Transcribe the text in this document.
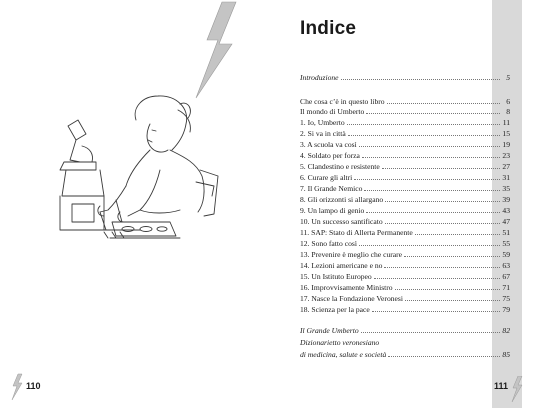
110
Indice
Introduzione	5
Che cosa c’è in questo libro	6
Il mondo di Umberto	8
1. Io, Umberto	11
2. Si va in città	15
3. A scuola va così	19
4. Soldato per forza	23
5. Clandestino e resistente	27
6. Curare gli altri	31
7. Il Grande Nemico	35
8. Gli orizzonti si allargano	39
9. Un lampo di genio	43
10. Un successo santificato	47
11. SAP: Stato di Allerta Permanente	51
12. Sono fatto così	55
13. Prevenire è meglio che curare	59
14. Lezioni americane e no	63
15. Un Istituto Europeo	67
16. Improvvisamente Ministro	71
17. Nasce la Fondazione Veronesi	75
18. Scienza per la pace	79
Il Grande Umberto	82
Dizionarietto veronesiano
di medicina, salute e società	85
111
